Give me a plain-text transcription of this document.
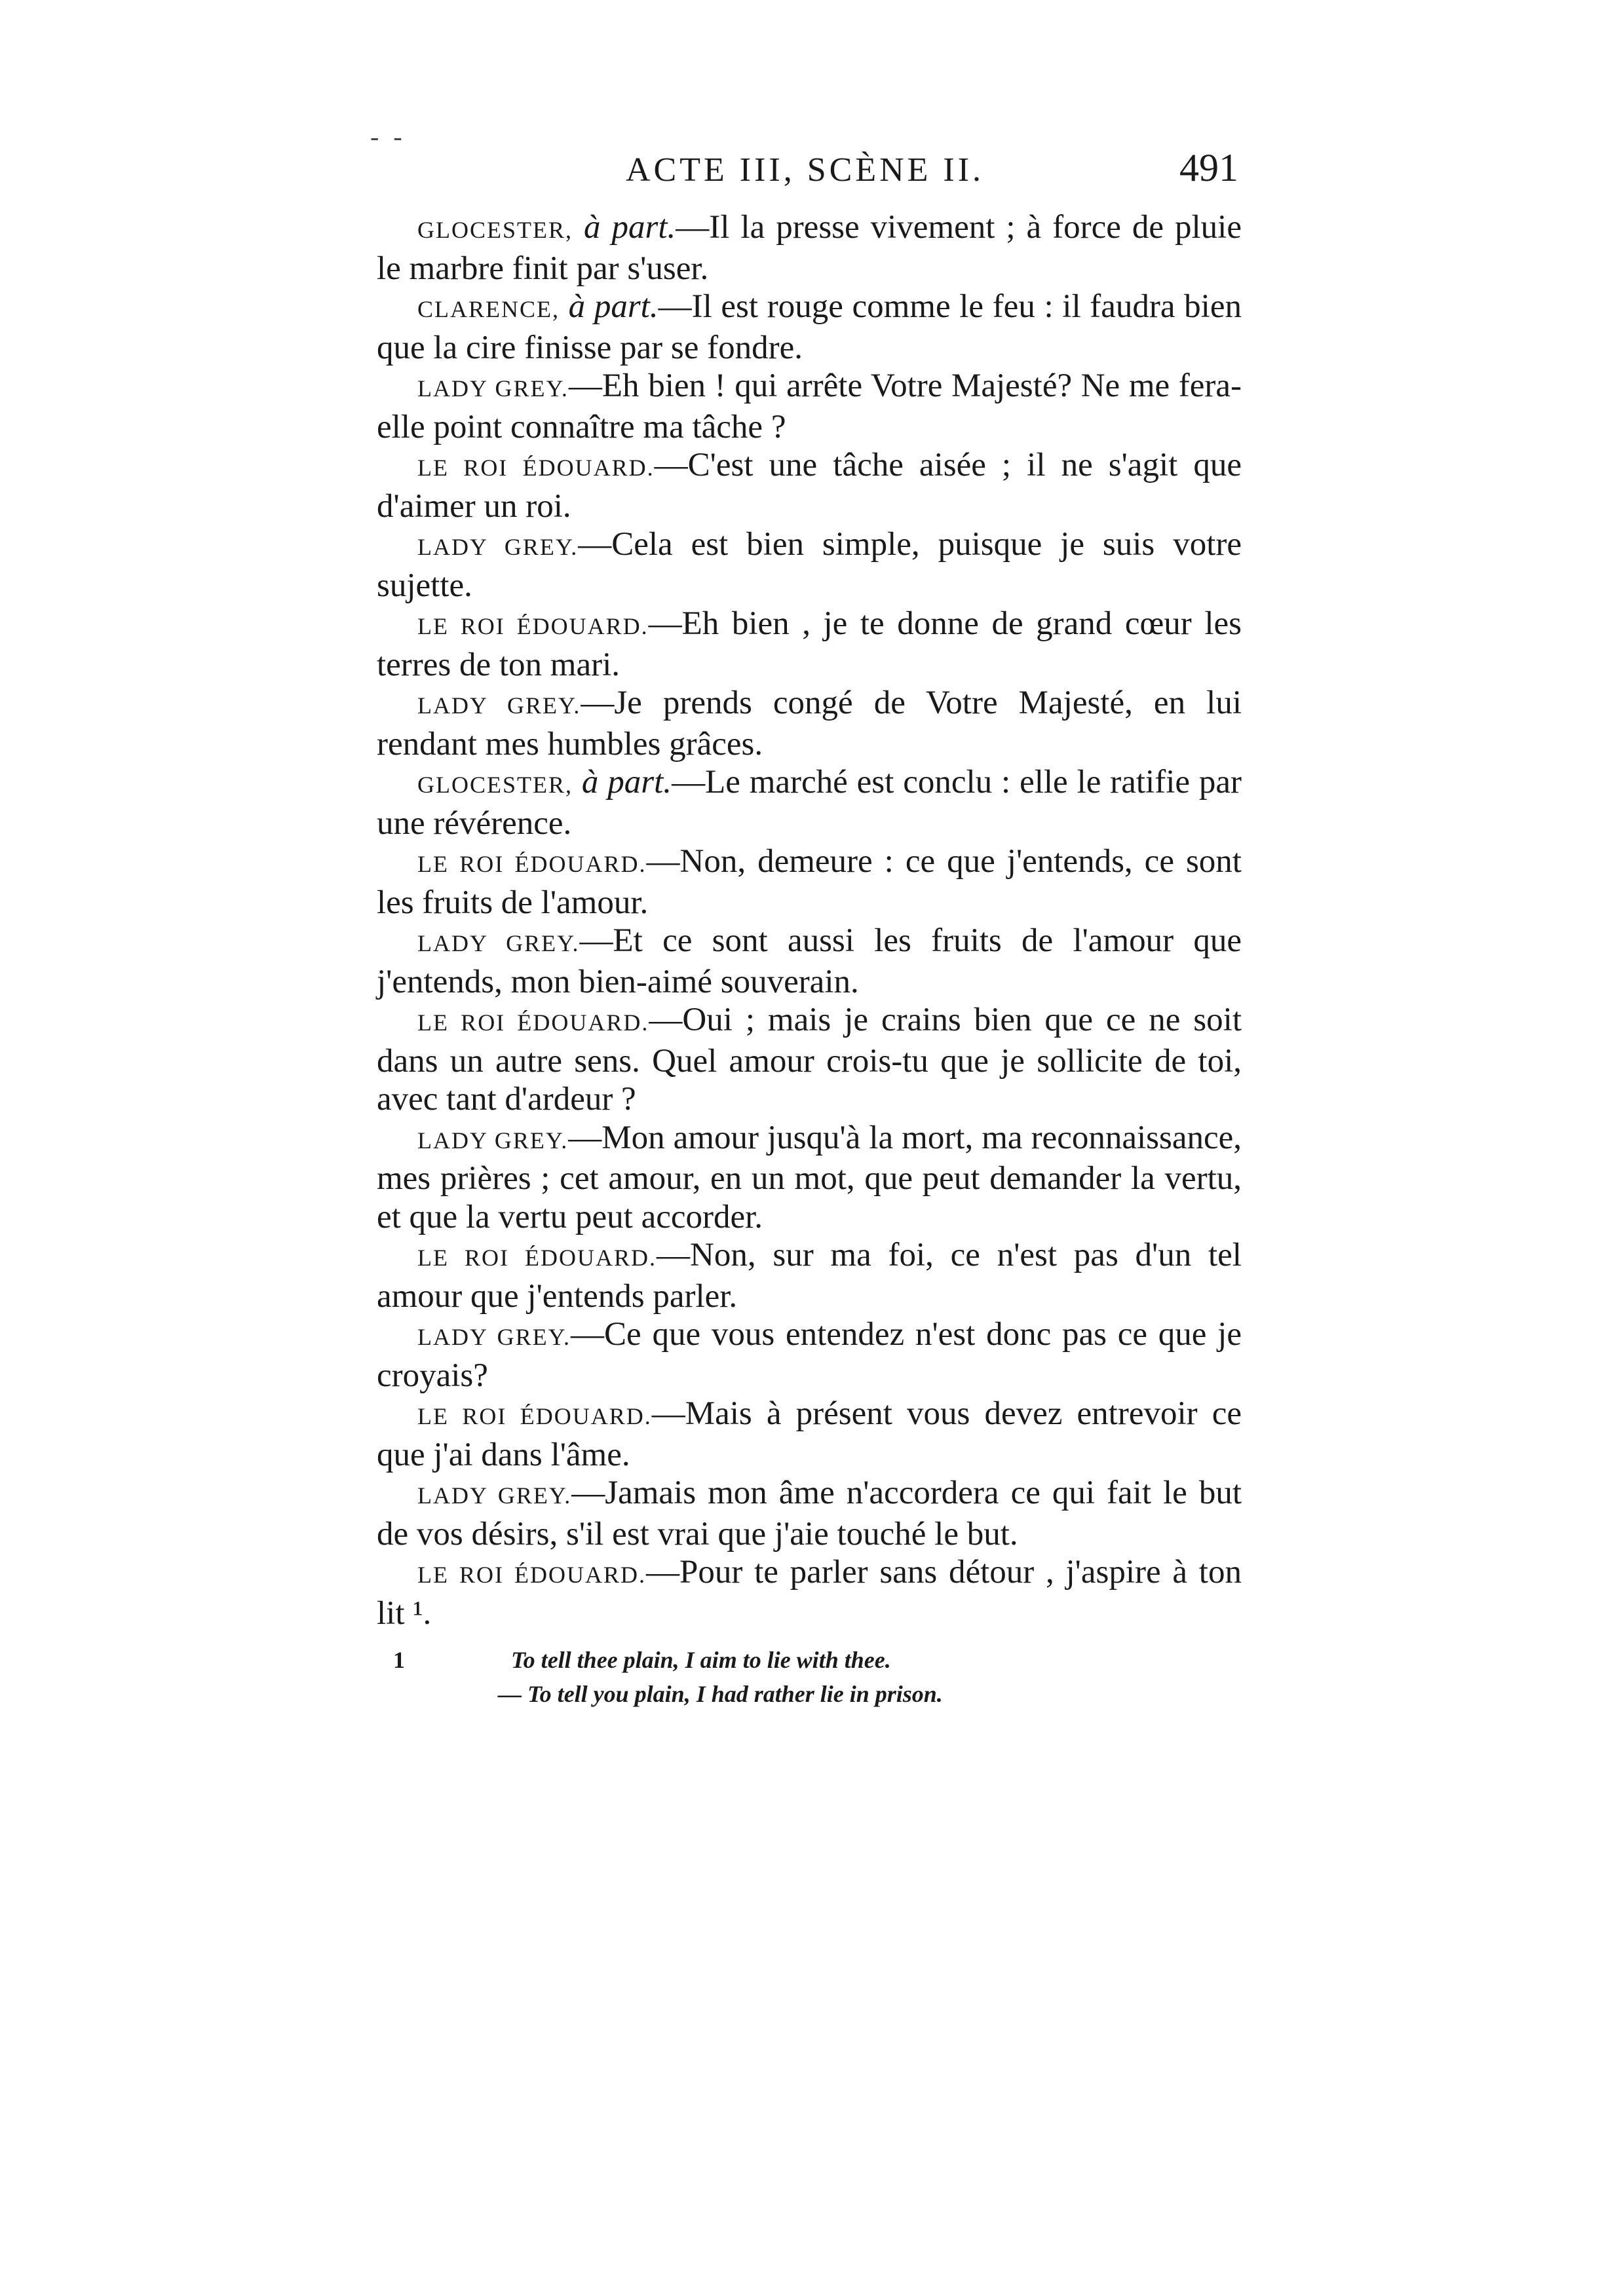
- -
ACTE III, SCÈNE II.	491

GLOCESTER, à part.—Il la presse vivement ; à force de pluie le marbre finit par s'user.

CLARENCE, à part.—Il est rouge comme le feu : il faudra bien que la cire finisse par se fondre.

LADY GREY.—Eh bien ! qui arrête Votre Majesté? Ne me fera-elle point connaître ma tâche ?

LE ROI ÉDOUARD.—C'est une tâche aisée ; il ne s'agit que d'aimer un roi.

LADY GREY.—Cela est bien simple, puisque je suis votre sujette.

LE ROI ÉDOUARD.—Eh bien , je te donne de grand cœur les terres de ton mari.

LADY GREY.—Je prends congé de Votre Majesté, en lui rendant mes humbles grâces.

GLOCESTER, à part.—Le marché est conclu : elle le ratifie par une révérence.

LE ROI ÉDOUARD.—Non, demeure : ce que j'entends, ce sont les fruits de l'amour.

LADY GREY.—Et ce sont aussi les fruits de l'amour que j'entends, mon bien-aimé souverain.

LE ROI ÉDOUARD.—Oui ; mais je crains bien que ce ne soit dans un autre sens. Quel amour crois-tu que je sollicite de toi, avec tant d'ardeur ?

LADY GREY.—Mon amour jusqu'à la mort, ma reconnaissance, mes prières ; cet amour, en un mot, que peut demander la vertu, et que la vertu peut accorder.

LE ROI ÉDOUARD.—Non, sur ma foi, ce n'est pas d'un tel amour que j'entends parler.

LADY GREY.—Ce que vous entendez n'est donc pas ce que je croyais?

LE ROI ÉDOUARD.—Mais à présent vous devez entrevoir ce que j'ai dans l'âme.

LADY GREY.—Jamais mon âme n'accordera ce qui fait le but de vos désirs, s'il est vrai que j'aie touché le but.

LE ROI ÉDOUARD.—Pour te parler sans détour , j'aspire à ton lit ¹.

1	To tell thee plain, I aim to lie with thee.

— To tell you plain, I had rather lie in prison.
